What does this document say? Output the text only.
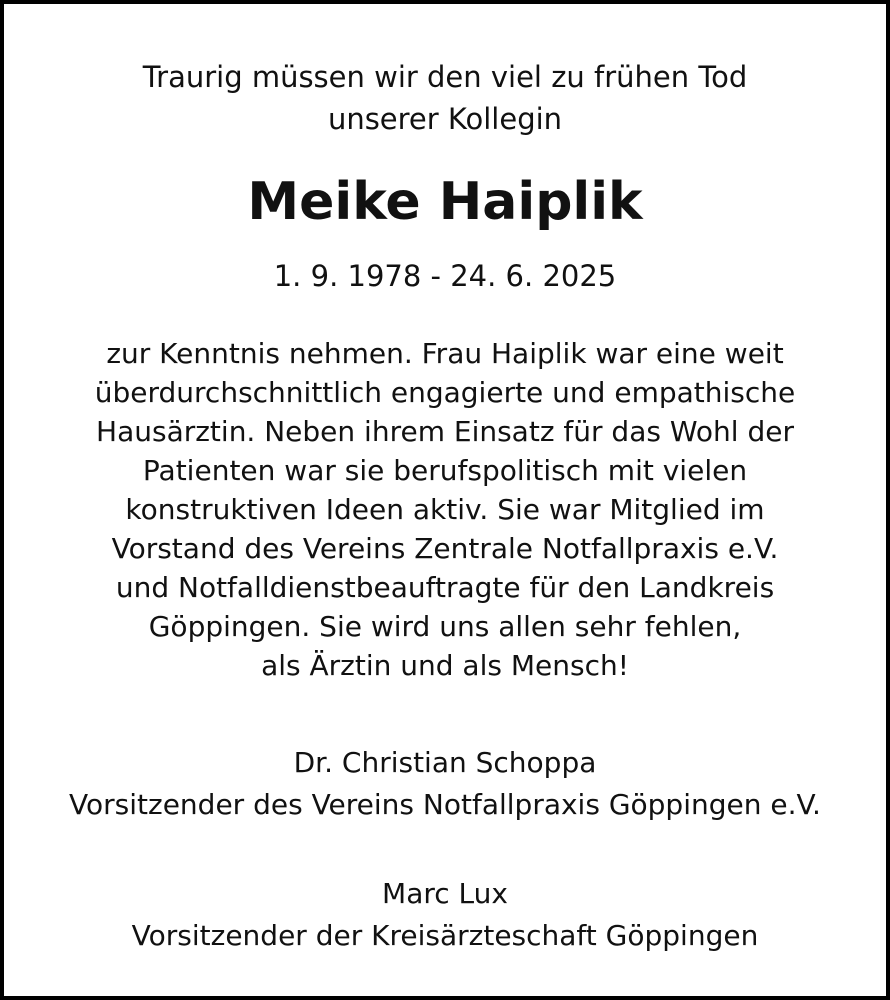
Traurig müssen wir den viel zu frühen Tod
unserer Kollegin
Meike Haiplik
1. 9. 1978 - 24. 6. 2025
zur Kenntnis nehmen. Frau Haiplik war eine weit
überdurchschnittlich engagierte und empathische
Hausärztin. Neben ihrem Einsatz für das Wohl der
Patienten war sie berufspolitisch mit vielen
konstruktiven Ideen aktiv. Sie war Mitglied im
Vorstand des Vereins Zentrale Notfallpraxis e.V.
und Notfalldienstbeauftragte für den Landkreis
Göppingen. Sie wird uns allen sehr fehlen,
als Ärztin und als Mensch!
Dr. Christian Schoppa
Vorsitzender des Vereins Notfallpraxis Göppingen e.V.
Marc Lux
Vorsitzender der Kreisärzteschaft Göppingen
